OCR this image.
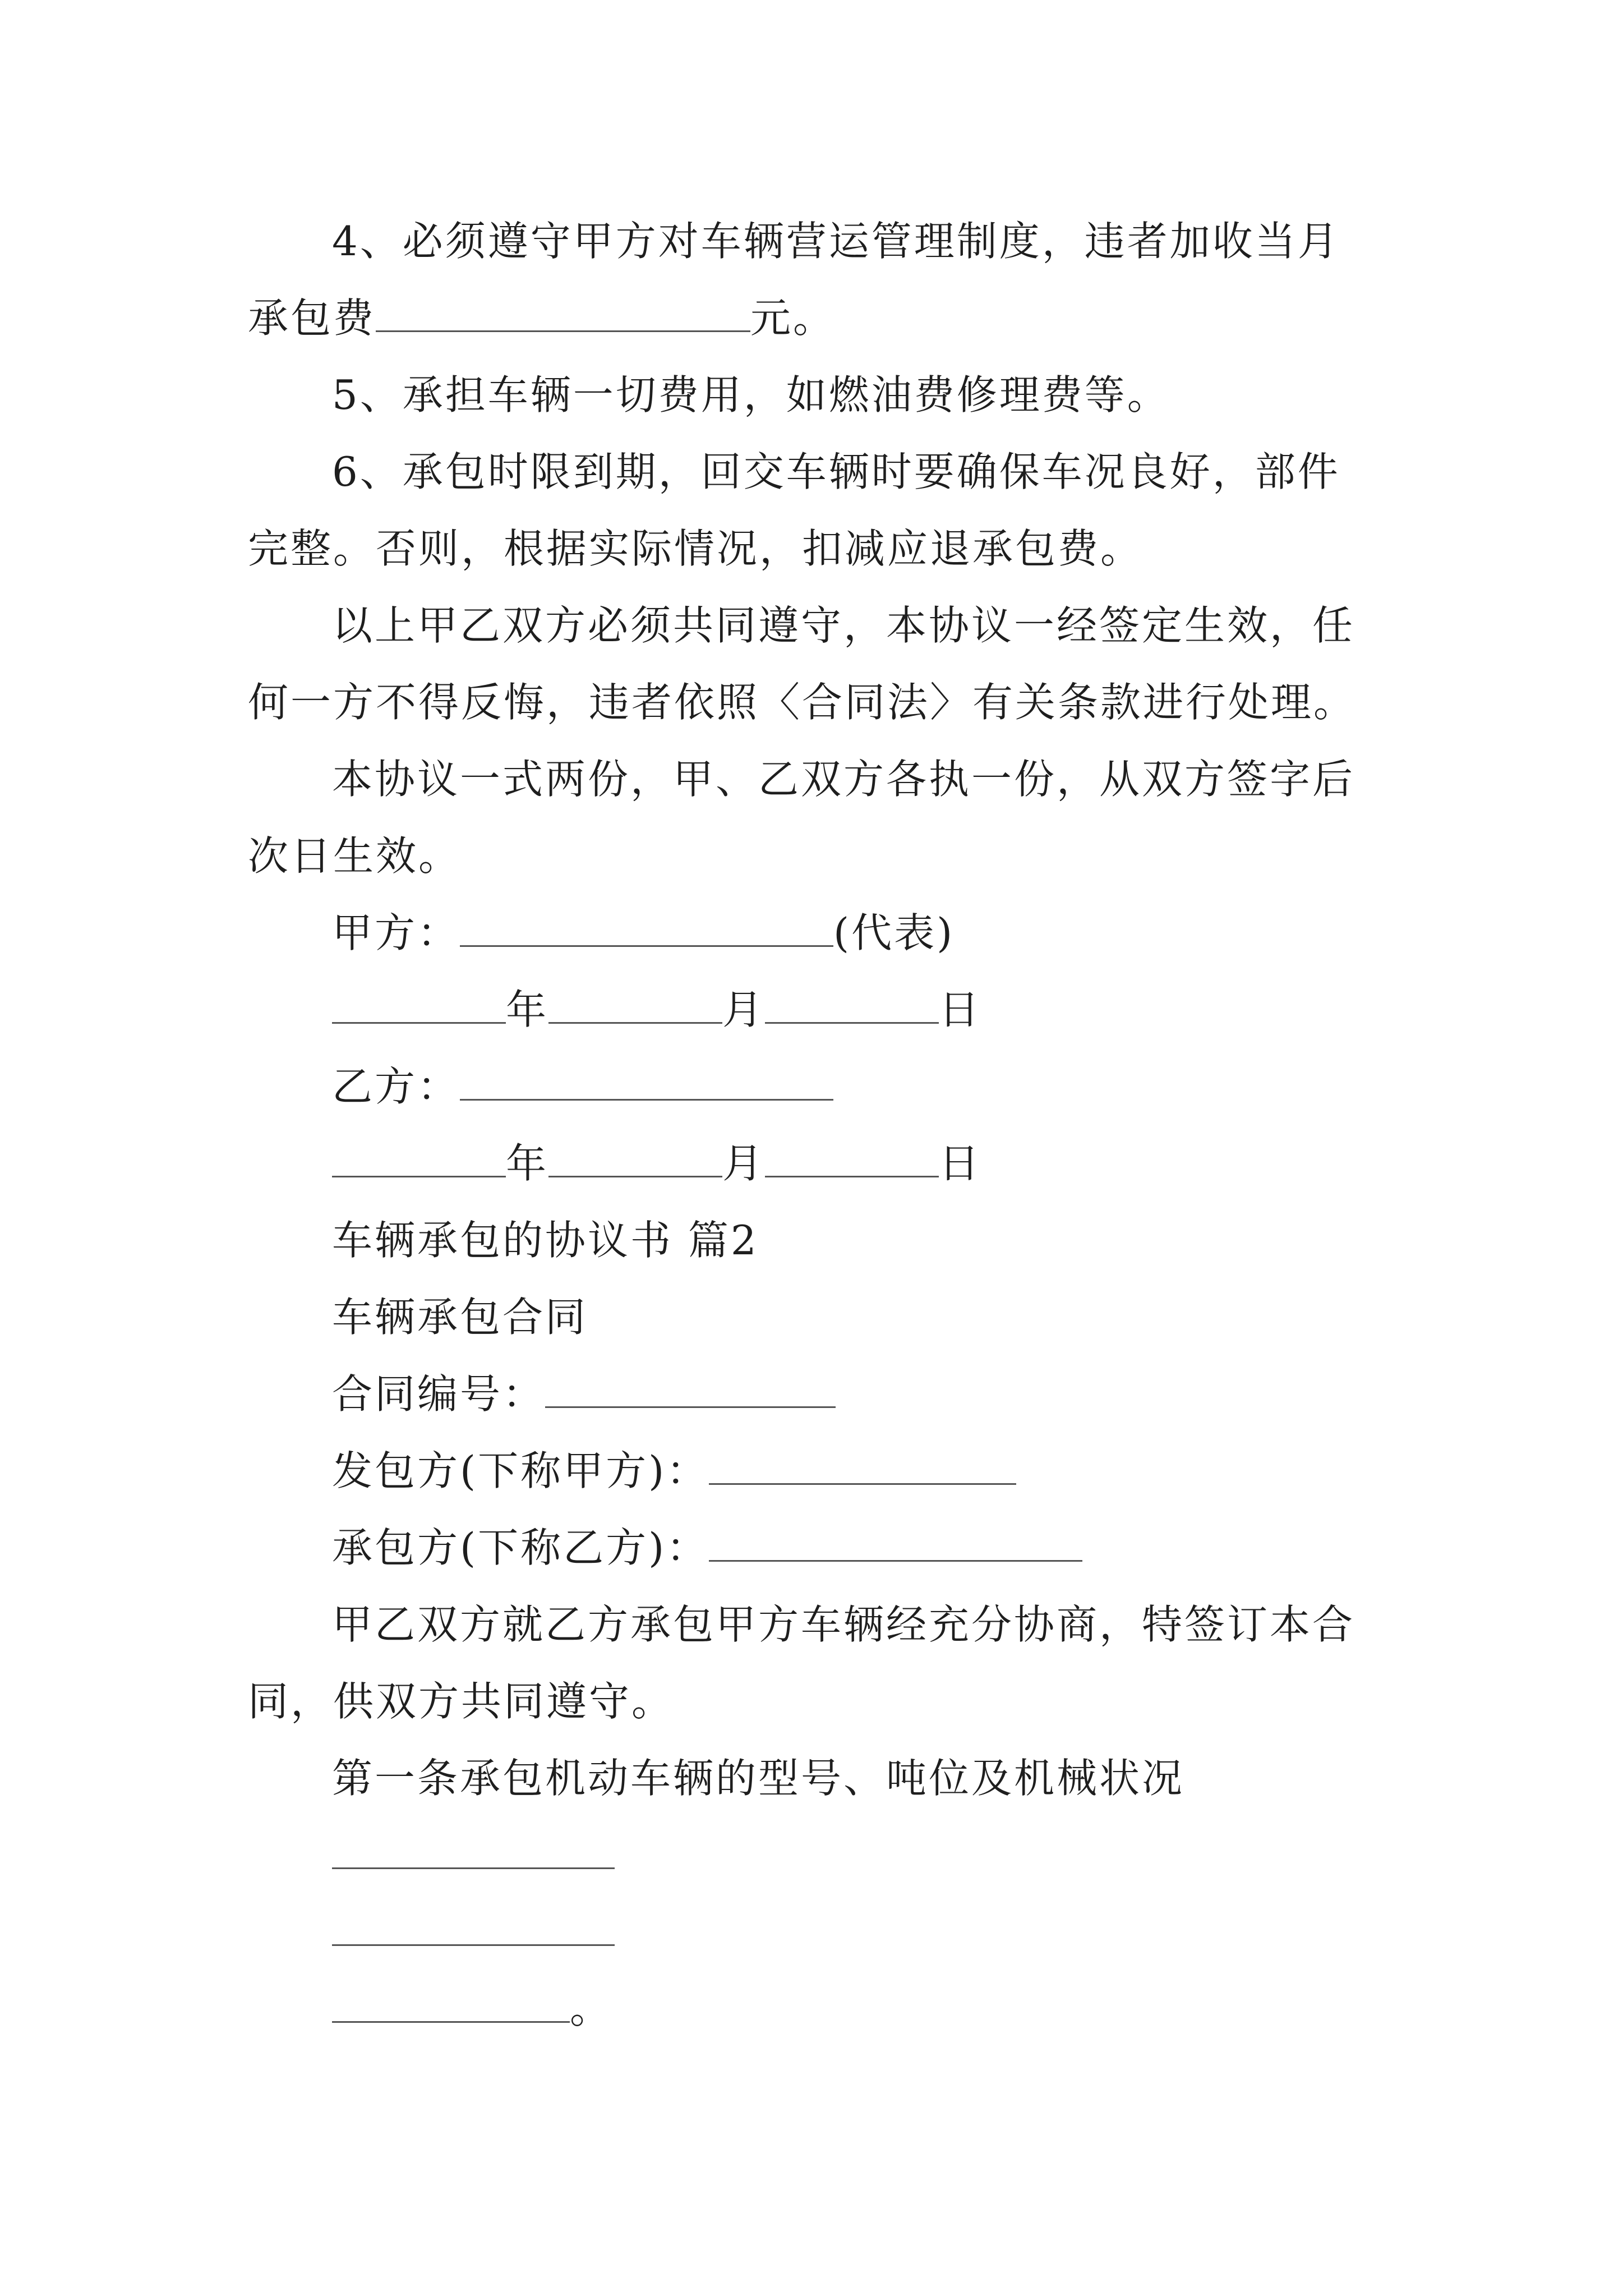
4、必须遵守甲方对车辆营运管理制度，违者加收当月

承包费	元。

5、承担车辆一切费用，如燃油费修理费等。

6、承包时限到期，回交车辆时要确保车况良好，部件

完整。否则，根据实际情况，扣减应退承包费。

以上甲乙双方必须共同遵守，本协议一经签定生效，任

何一方不得反悔，违者依照〈合同法〉有关条款进行处理。

本协议一式两份，甲、乙双方各执一份，从双方签字后

次日生效。

甲方：	(代表)

年	月	日

乙方：

年	月	日

车辆承包的协议书 篇2

车辆承包合同

合同编号：

发包方(下称甲方)：

承包方(下称乙方)：

甲乙双方就乙方承包甲方车辆经充分协商，特签订本合

同，供双方共同遵守。

第一条承包机动车辆的型号、吨位及机械状况

。
